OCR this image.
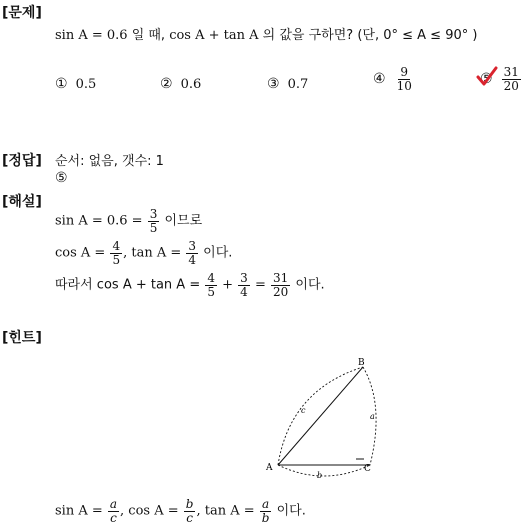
[문제]
sin A = 0.6 일 때, cos A + tan A 의 값을 구하면? (단, 0° ≤ A ≤ 90° )
① 0.5	② 0.6	③ 0.7	④ $\frac{9}{10}$	⑤ $\frac{31}{20}$
[정답] 순서: 없음, 갯수: 1
⑤
[해설]
$\sin A = 0.6 = \frac{3}{5}$ 이므로
$\cos A = \frac{4}{5}$ , $\tan A = \frac{3}{4}$ 이다.
따라서 $\cos A + \tan A = \frac{4}{5} + \frac{3}{4} = \frac{31}{20}$ 이다.
[힌트]
A
B
C
a
b
c
$\sin A = \frac{a}{c}$ , $\cos A = \frac{b}{c}$ , $\tan A = \frac{a}{b}$ 이다.
